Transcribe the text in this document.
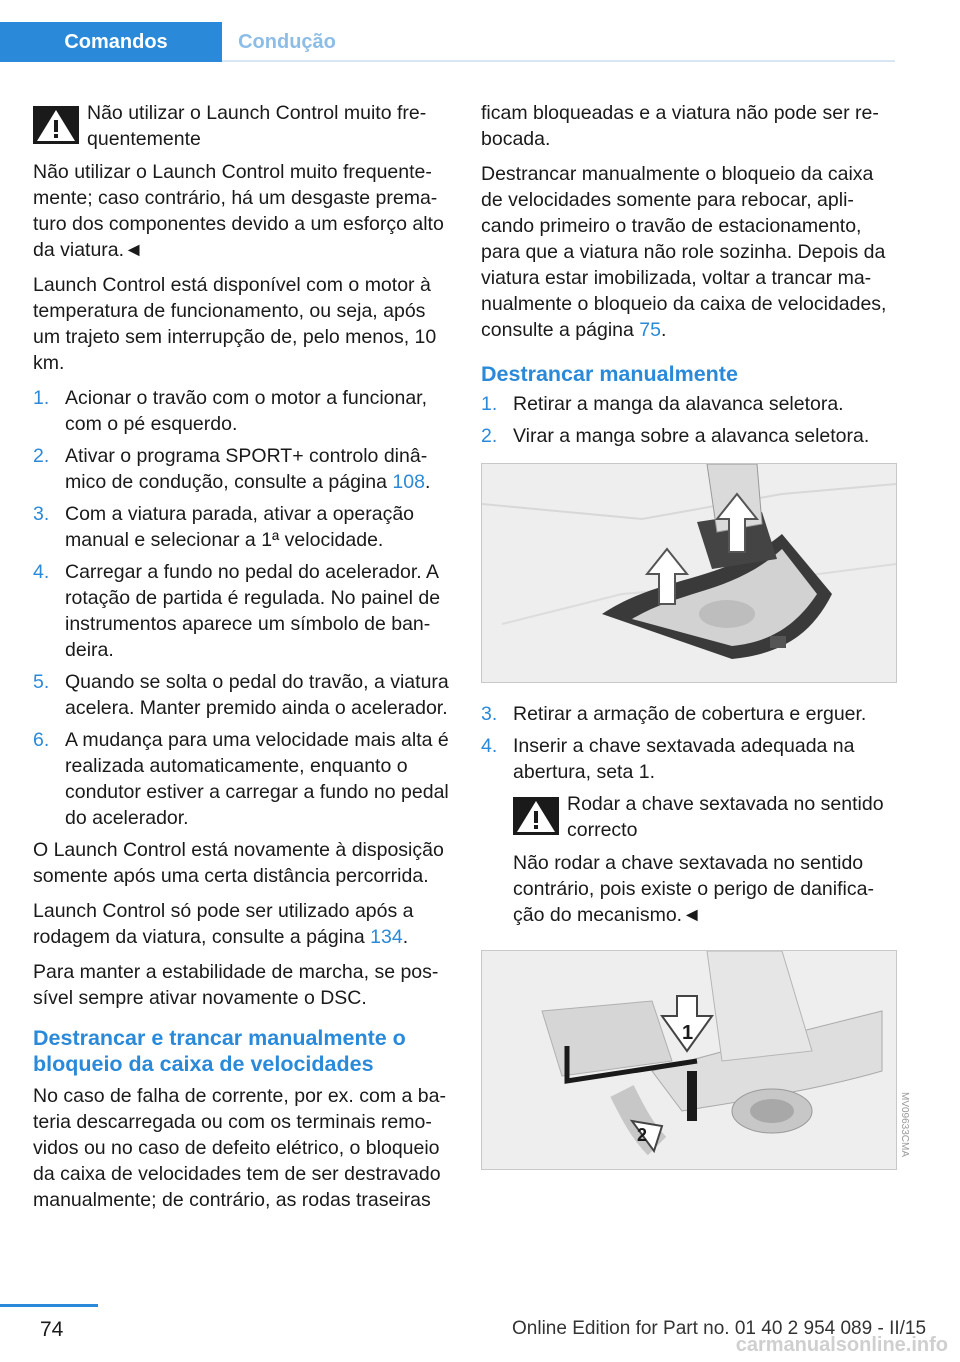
Comandos	Condução
Não utilizar o Launch Control muito frequentemente

Não utilizar o Launch Control muito frequentemente; caso contrário, há um desgaste prematuro dos componentes devido a um esforço alto da viatura.◄

Launch Control está disponível com o motor à temperatura de funcionamento, ou seja, após um trajeto sem interrupção de, pelo menos, 10 km.

1. Acionar o travão com o motor a funcionar, com o pé esquerdo.
2. Ativar o programa SPORT+ controlo dinâmico de condução, consulte a página 108.
3. Com a viatura parada, ativar a operação manual e selecionar a 1ª velocidade.
4. Carregar a fundo no pedal do acelerador. A rotação de partida é regulada. No painel de instrumentos aparece um símbolo de bandeira.
5. Quando se solta o pedal do travão, a viatura acelera. Manter premido ainda o acelerador.
6. A mudança para uma velocidade mais alta é realizada automaticamente, enquanto o condutor estiver a carregar a fundo no pedal do acelerador.

O Launch Control está novamente à disposição somente após uma certa distância percorrida.

Launch Control só pode ser utilizado após a rodagem da viatura, consulte a página 134.

Para manter a estabilidade de marcha, se possível sempre ativar novamente o DSC.

Destrancar e trancar manualmente o bloqueio da caixa de velocidades

No caso de falha de corrente, por ex. com a bateria descarregada ou com os terminais removidos ou no caso de defeito elétrico, o bloqueio da caixa de velocidades tem de ser destravado manualmente; de contrário, as rodas traseiras

ficam bloqueadas e a viatura não pode ser rebocada.

Destrancar manualmente o bloqueio da caixa de velocidades somente para rebocar, aplicando primeiro o travão de estacionamento, para que a viatura não role sozinha. Depois da viatura estar imobilizada, voltar a trancar manualmente o bloqueio da caixa de velocidades, consulte a página 75.

Destrancar manualmente
1. Retirar a manga da alavanca seletora.
2. Virar a manga sobre a alavanca seletora.
3. Retirar a armação de cobertura e erguer.
4. Inserir a chave sextavada adequada na abertura, seta 1.
Rodar a chave sextavada no sentido correcto

Não rodar a chave sextavada no sentido contrário, pois existe o perigo de danificação do mecanismo.◄

1
2	MV09633CMA
74	Online Edition for Part no. 01 40 2 954 089 - II/15
carmanualsonline.info
